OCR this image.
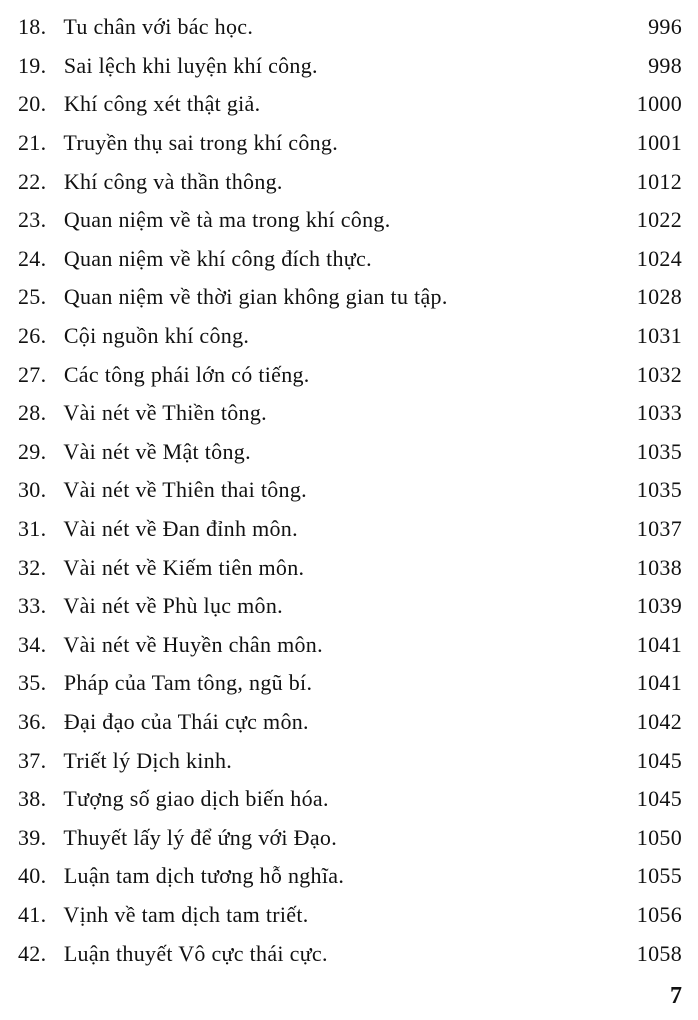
18. Tu chân với bác học.	996
19. Sai lệch khi luyện khí công.	998
20. Khí công xét thật giả.	1000
21. Truyền thụ sai trong khí công.	1001
22. Khí công và thần thông.	1012
23. Quan niệm về tà ma trong khí công.	1022
24. Quan niệm về khí công đích thực.	1024
25. Quan niệm về thời gian không gian tu tập.	1028
26. Cội nguồn khí công.	1031
27. Các tông phái lớn có tiếng.	1032
28. Vài nét về Thiền tông.	1033
29. Vài nét về Mật tông.	1035
30. Vài nét về Thiên thai tông.	1035
31. Vài nét về Đan đỉnh môn.	1037
32. Vài nét về Kiếm tiên môn.	1038
33. Vài nét về Phù lục môn.	1039
34. Vài nét về Huyền chân môn.	1041
35. Pháp của Tam tông, ngũ bí.	1041
36. Đại đạo của Thái cực môn.	1042
37. Triết lý Dịch kinh.	1045
38. Tượng số giao dịch biến hóa.	1045
39. Thuyết lấy lý để ứng với Đạo.	1050
40. Luận tam dịch tương hỗ nghĩa.	1055
41. Vịnh về tam dịch tam triết.	1056
42. Luận thuyết Vô cực thái cực.	1058
7
